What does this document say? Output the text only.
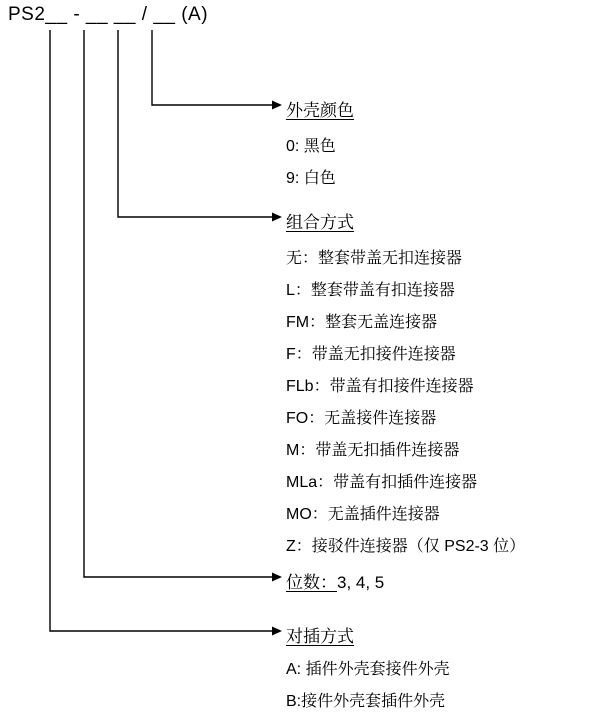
PS2__ - __ __ / __ (A)
外壳颜色
0: 黑色
9: 白色
组合方式
无：整套带盖无扣连接器
L：整套带盖有扣连接器
FM：整套无盖连接器
F：带盖无扣接件连接器
FLb：带盖有扣接件连接器
FO：无盖接件连接器
M：带盖无扣插件连接器
MLa：带盖有扣插件连接器
MO：无盖插件连接器
Z：接驳件连接器（仅 PS2-3 位）
位数：3, 4, 5
对插方式
A: 插件外壳套接件外壳
B:接件外壳套插件外壳
